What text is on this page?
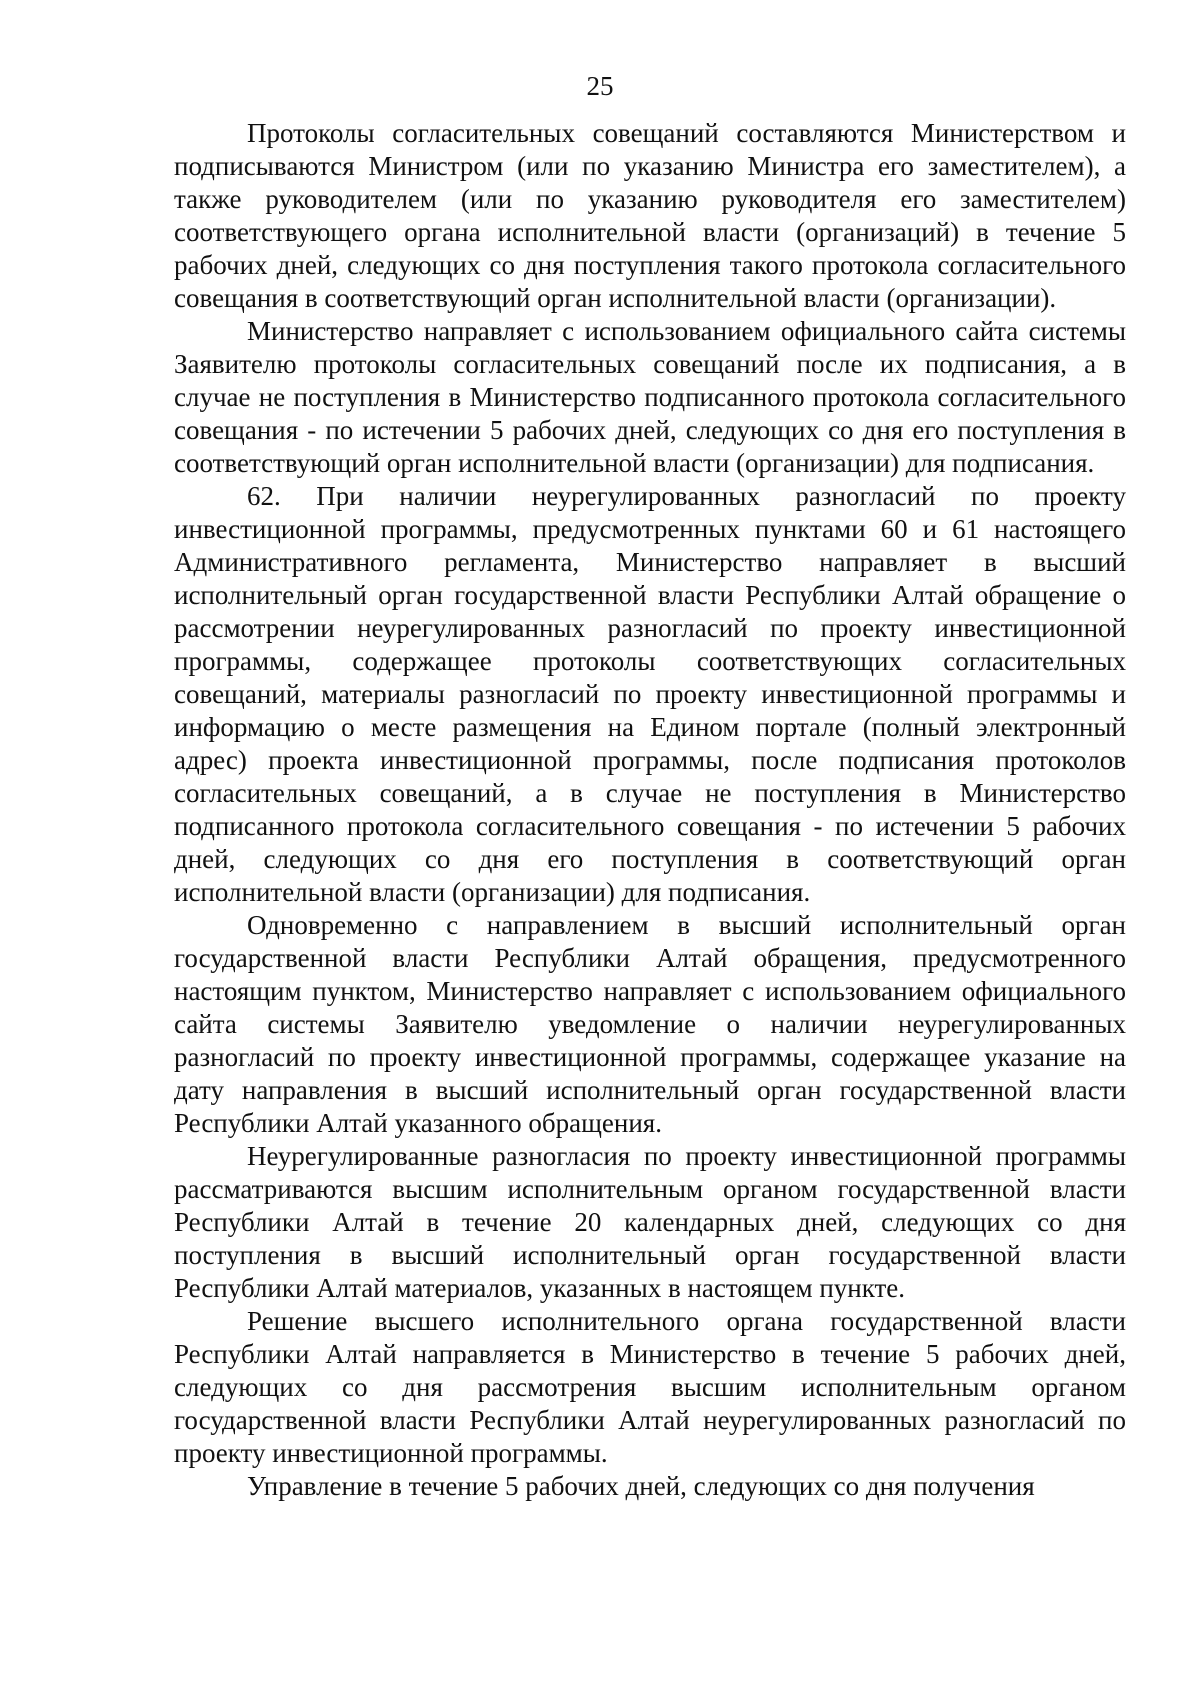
25

Протоколы согласительных совещаний составляются Министерством и подписываются Министром (или по указанию Министра его заместителем), а также руководителем (или по указанию руководителя его заместителем) соответствующего органа исполнительной власти (организаций) в течение 5 рабочих дней, следующих со дня поступления такого протокола согласительного совещания в соответствующий орган исполнительной власти (организации).

Министерство направляет с использованием официального сайта системы Заявителю протоколы согласительных совещаний после их подписания, а в случае не поступления в Министерство подписанного протокола согласительного совещания - по истечении 5 рабочих дней, следующих со дня его поступления в соответствующий орган исполнительной власти (организации) для подписания.

62. При наличии неурегулированных разногласий по проекту инвестиционной программы, предусмотренных пунктами 60 и 61 настоящего Административного регламента, Министерство направляет в высший исполнительный орган государственной власти Республики Алтай обращение о рассмотрении неурегулированных разногласий по проекту инвестиционной программы, содержащее протоколы соответствующих согласительных совещаний, материалы разногласий по проекту инвестиционной программы и информацию о месте размещения на Едином портале (полный электронный адрес) проекта инвестиционной программы, после подписания протоколов согласительных совещаний, а в случае не поступления в Министерство подписанного протокола согласительного совещания - по истечении 5 рабочих дней, следующих со дня его поступления в соответствующий орган исполнительной власти (организации) для подписания.

Одновременно с направлением в высший исполнительный орган государственной власти Республики Алтай обращения, предусмотренного настоящим пунктом, Министерство направляет с использованием официального сайта системы Заявителю уведомление о наличии неурегулированных разногласий по проекту инвестиционной программы, содержащее указание на дату направления в высший исполнительный орган государственной власти Республики Алтай указанного обращения.

Неурегулированные разногласия по проекту инвестиционной программы рассматриваются высшим исполнительным органом государственной власти Республики Алтай в течение 20 календарных дней, следующих со дня поступления в высший исполнительный орган государственной власти Республики Алтай материалов, указанных в настоящем пункте.

Решение высшего исполнительного органа государственной власти Республики Алтай направляется в Министерство в течение 5 рабочих дней, следующих со дня рассмотрения высшим исполнительным органом государственной власти Республики Алтай неурегулированных разногласий по проекту инвестиционной программы.

Управление в течение 5 рабочих дней, следующих со дня получения
